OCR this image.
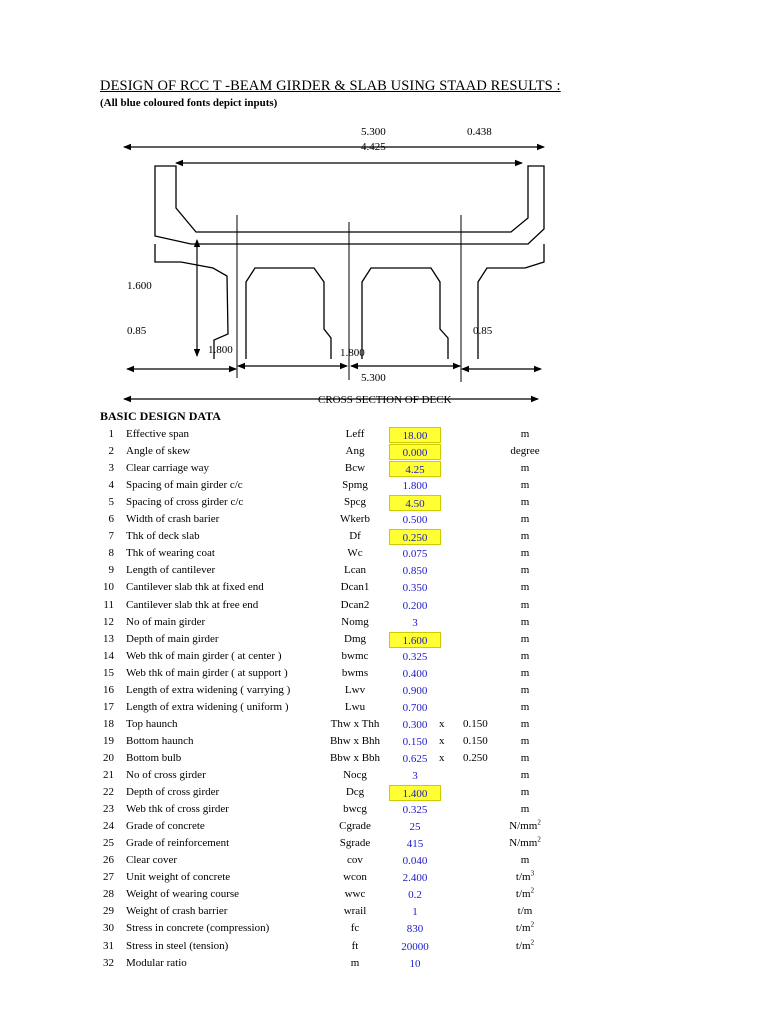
DESIGN OF RCC T -BEAM GIRDER & SLAB USING STAAD RESULTS :
(All blue coloured fonts depict inputs)
5.300	0.438
4.425
1.600
0.85	0.85
1.800	1.800
5.300
CROSS SECTION OF DECK
BASIC DESIGN DATA
1 Effective span	Leff	18.00	m
2 Angle of skew	Ang	0.000	degree
3 Clear carriage way	Bcw	4.25	m
4 Spacing of main girder c/c	Spmg	1.800	m
5 Spacing of cross girder c/c	Spcg	4.50	m
6 Width of crash barier	Wkerb	0.500	m
7 Thk of deck slab	Df	0.250	m
8 Thk of wearing coat	Wc	0.075	m
9 Length of cantilever	Lcan	0.850	m
10 Cantilever slab thk at fixed end	Dcan1	0.350	m
11 Cantilever slab thk at free end	Dcan2	0.200	m
12 No of main girder	Nomg	3	m
13 Depth of main girder	Dmg	1.600	m
14 Web thk of main girder ( at center )	bwmc	0.325	m
15 Web thk of main girder ( at support )	bwms	0.400	m
16 Length of extra widening ( varrying )	Lwv	0.900	m
17 Length of extra widening ( uniform )	Lwu	0.700	m
18 Top haunch	Thw x Thh	0.300	x 0.150	m
19 Bottom haunch	Bhw x Bhh	0.150	x 0.150	m
20 Bottom bulb	Bbw x Bbh	0.625	x 0.250	m
21 No of cross girder	Nocg	3	m
22 Depth of cross girder	Dcg	1.400	m
23 Web thk of cross girder	bwcg	0.325	m
24 Grade of concrete	Cgrade	25	$N/mm^2$
25 Grade of reinforcement	Sgrade	415	$N/mm^2$
26 Clear cover	cov	0.040	m
27 Unit weight of concrete	wcon	2.400	$t/m^3$
28 Weight of wearing course	wwc	0.2	$t/m^2$
29 Weight of crash barrier	wrail	1	t/m
30 Stress in concrete (compression)	fc	830	$t/m^2$
31 Stress in steel (tension)	ft	20000	$t/m^2$
32 Modular ratio	m	10
